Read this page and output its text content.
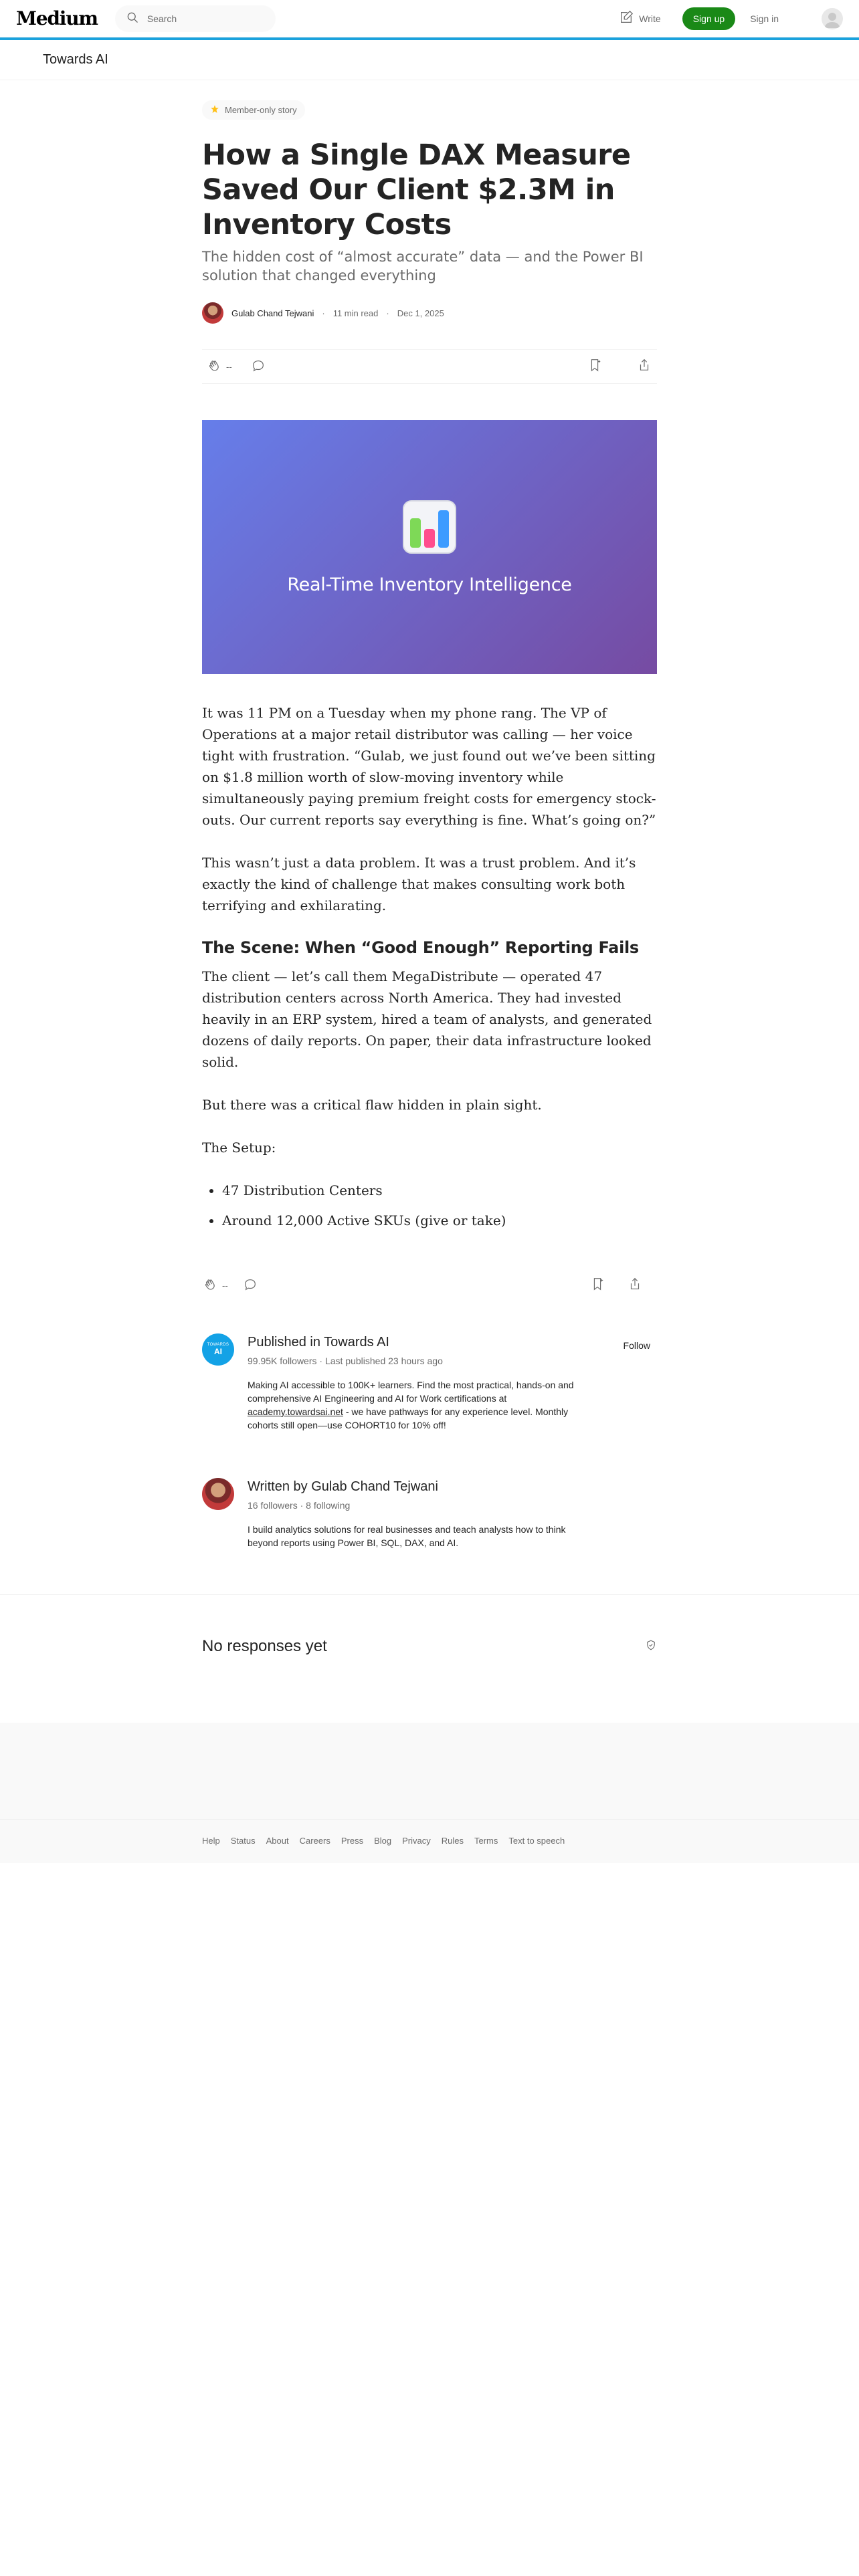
Medium
Search	Write	Sign up	Sign in
Towards AI
Member-only story
How a Single DAX Measure Saved Our Client $2.3M in Inventory Costs
The hidden cost of “almost accurate” data — and the Power BI solution that changed everything
Gulab Chand Tejwani · 11 min read · Dec 1, 2025
--
Real-Time Inventory Intelligence

It was 11 PM on a Tuesday when my phone rang. The VP of Operations at a major retail distributor was calling — her voice tight with frustration. “Gulab, we just found out we’ve been sitting on $1.8 million worth of slow-moving inventory while simultaneously paying premium freight costs for emergency stock-outs. Our current reports say everything is fine. What’s going on?”

This wasn’t just a data problem. It was a trust problem. And it’s exactly the kind of challenge that makes consulting work both terrifying and exhilarating.

The Scene: When “Good Enough” Reporting Fails

The client — let’s call them MegaDistribute — operated 47 distribution centers across North America. They had invested heavily in an ERP system, hired a team of analysts, and generated dozens of daily reports. On paper, their data infrastructure looked solid.

But there was a critical flaw hidden in plain sight.

The Setup:

• 47 Distribution Centers
• Around 12,000 Active SKUs (give or take)
--
TOWARDS
AI
Published in Towards AI
99.95K followers · Last published 23 hours ago
Making AI accessible to 100K+ learners. Find the most practical, hands-on and comprehensive AI Engineering and AI for Work certifications at academy.towardsai.net - we have pathways for any experience level. Monthly cohorts still open—use COHORT10 for 10% off!
Follow
Written by Gulab Chand Tejwani
16 followers · 8 following
I build analytics solutions for real businesses and teach analysts how to think beyond reports using Power BI, SQL, DAX, and AI.
No responses yet
Help Status About Careers Press Blog Privacy Rules Terms Text to speech
